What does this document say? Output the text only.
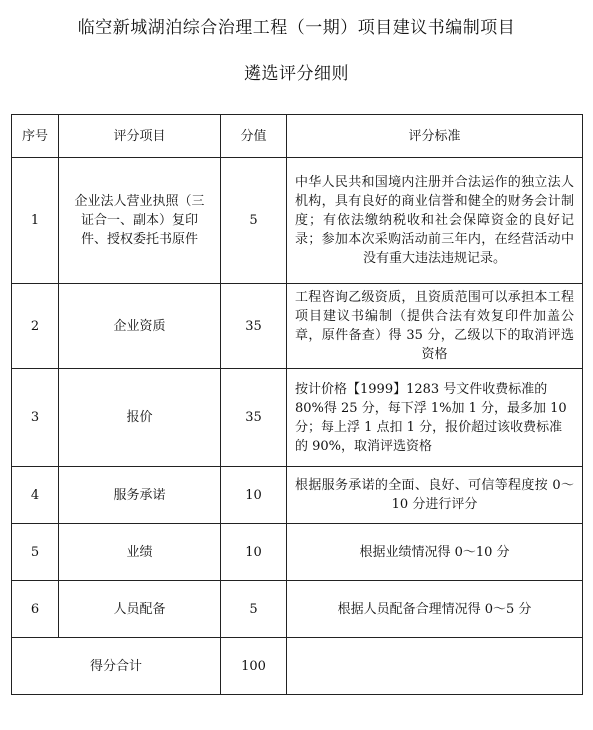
临空新城湖泊综合治理工程（一期）项目建议书编制项目
遴选评分细则
序号	评分项目	分值	评分标准
1	企业法人营业执照（三证合一、副本）复印件、授权委托书原件	5	中华人民共和国境内注册并合法运作的独立法人机构，具有良好的商业信誉和健全的财务会计制度；有依法缴纳税收和社会保障资金的良好记录；参加本次采购活动前三年内，在经营活动中没有重大违法违规记录。
2	企业资质	35	工程咨询乙级资质，且资质范围可以承担本工程项目建议书编制（提供合法有效复印件加盖公章，原件备查）得 35 分，乙级以下的取消评选资格
3	报价	35	按计价格【1999】1283 号文件收费标准的 80%得 25 分，每下浮 1%加 1 分，最多加 10 分；每上浮 1 点扣 1 分，报价超过该收费标准的 90%，取消评选资格
4	服务承诺	10	根据服务承诺的全面、良好、可信等程度按 0～10 分进行评分
5	业绩	10	根据业绩情况得 0～10 分
6	人员配备	5	根据人员配备合理情况得 0～5 分
得分合计		100	
